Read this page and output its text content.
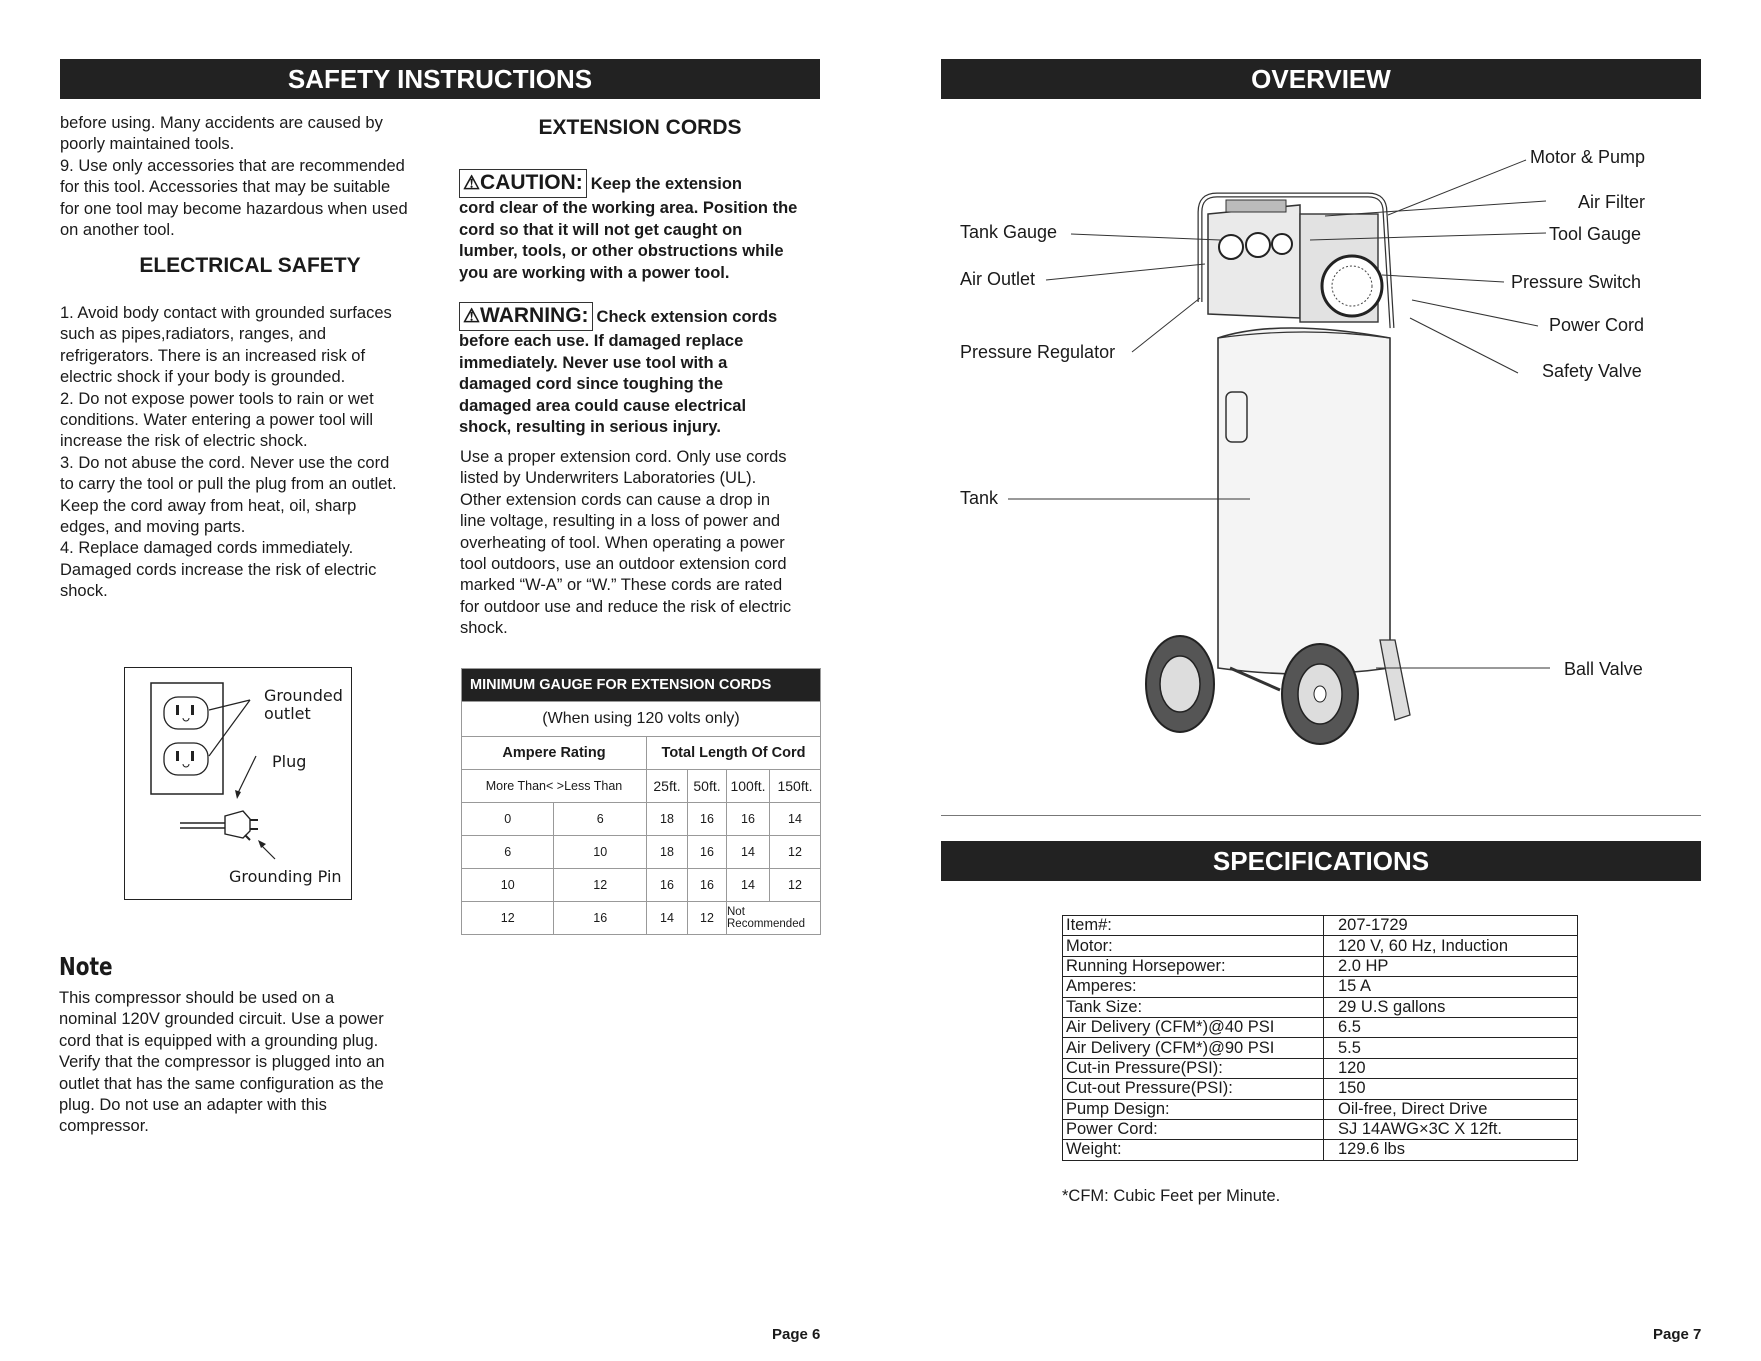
SAFETY INSTRUCTIONS
before using. Many accidents are caused by
poorly maintained tools.
9. Use only accessories that are recommended
for this tool. Accessories that may be suitable
for one tool may become hazardous when used
on another tool.
ELECTRICAL SAFETY
1. Avoid body contact with grounded surfaces
such as pipes,radiators, ranges, and
refrigerators. There is an increased risk of
electric shock if your body is grounded.
2. Do not expose power tools to rain or wet
conditions. Water entering a power tool will
increase the risk of electric shock.
3. Do not abuse the cord. Never use the cord
to carry the tool or pull the plug from an outlet.
Keep the cord away from heat, oil, sharp
edges, and moving parts.
4. Replace damaged cords immediately.
Damaged cords increase the risk of electric
shock.
Grounded
outlet
Plug
Grounding Pin
Note
This compressor should be used on a
nominal 120V grounded circuit. Use a power
cord that is equipped with a grounding plug.
Verify that the compressor is plugged into an
outlet that has the same configuration as the
plug. Do not use an adapter with this
compressor.
EXTENSION CORDS
⚠CAUTION: Keep the extension
cord clear of the working area. Position the
cord so that it will not get caught on
lumber, tools, or other obstructions while
you are working with a power tool.
⚠WARNING: Check extension cords
before each use. If damaged replace
immediately. Never use tool with a
damaged cord since toughing the
damaged area could cause electrical
shock, resulting in serious injury.
Use a proper extension cord. Only use cords
listed by Underwriters Laboratories (UL).
Other extension cords can cause a drop in
line voltage, resulting in a loss of power and
overheating of tool. When operating a power
tool outdoors, use an outdoor extension cord
marked “W-A” or “W.” These cords are rated
for outdoor use and reduce the risk of electric
shock.
MINIMUM GAUGE FOR EXTENSION CORDS					
(When using 120 volts only)					
Ampere Rating		Total Length Of Cord			
More Than< >Less Than		25ft.	50ft.	100ft.	150ft.
0	6	18	16	16	14
6	10	18	16	14	12
10	12	16	16	14	12
12	16	14	12	Not Recommended	
Page 6
OVERVIEW
Motor & Pump
Air Filter
Tool Gauge
Pressure Switch
Power Cord
Safety Valve
Ball Valve
Tank Gauge
Air Outlet
Pressure Regulator
Tank
SPECIFICATIONS
Item#:	207-1729
Motor:	120 V, 60 Hz, Induction
Running Horsepower:	2.0 HP
Amperes:	15 A
Tank Size:	29 U.S gallons
Air Delivery (CFM*)@40 PSI	6.5
Air Delivery (CFM*)@90 PSI	5.5
Cut-in Pressure(PSI):	120
Cut-out Pressure(PSI):	150
Pump Design:	Oil-free, Direct Drive
Power Cord:	SJ 14AWG×3C X 12ft.
Weight:	129.6 lbs
*CFM: Cubic Feet per Minute.
Page 7
